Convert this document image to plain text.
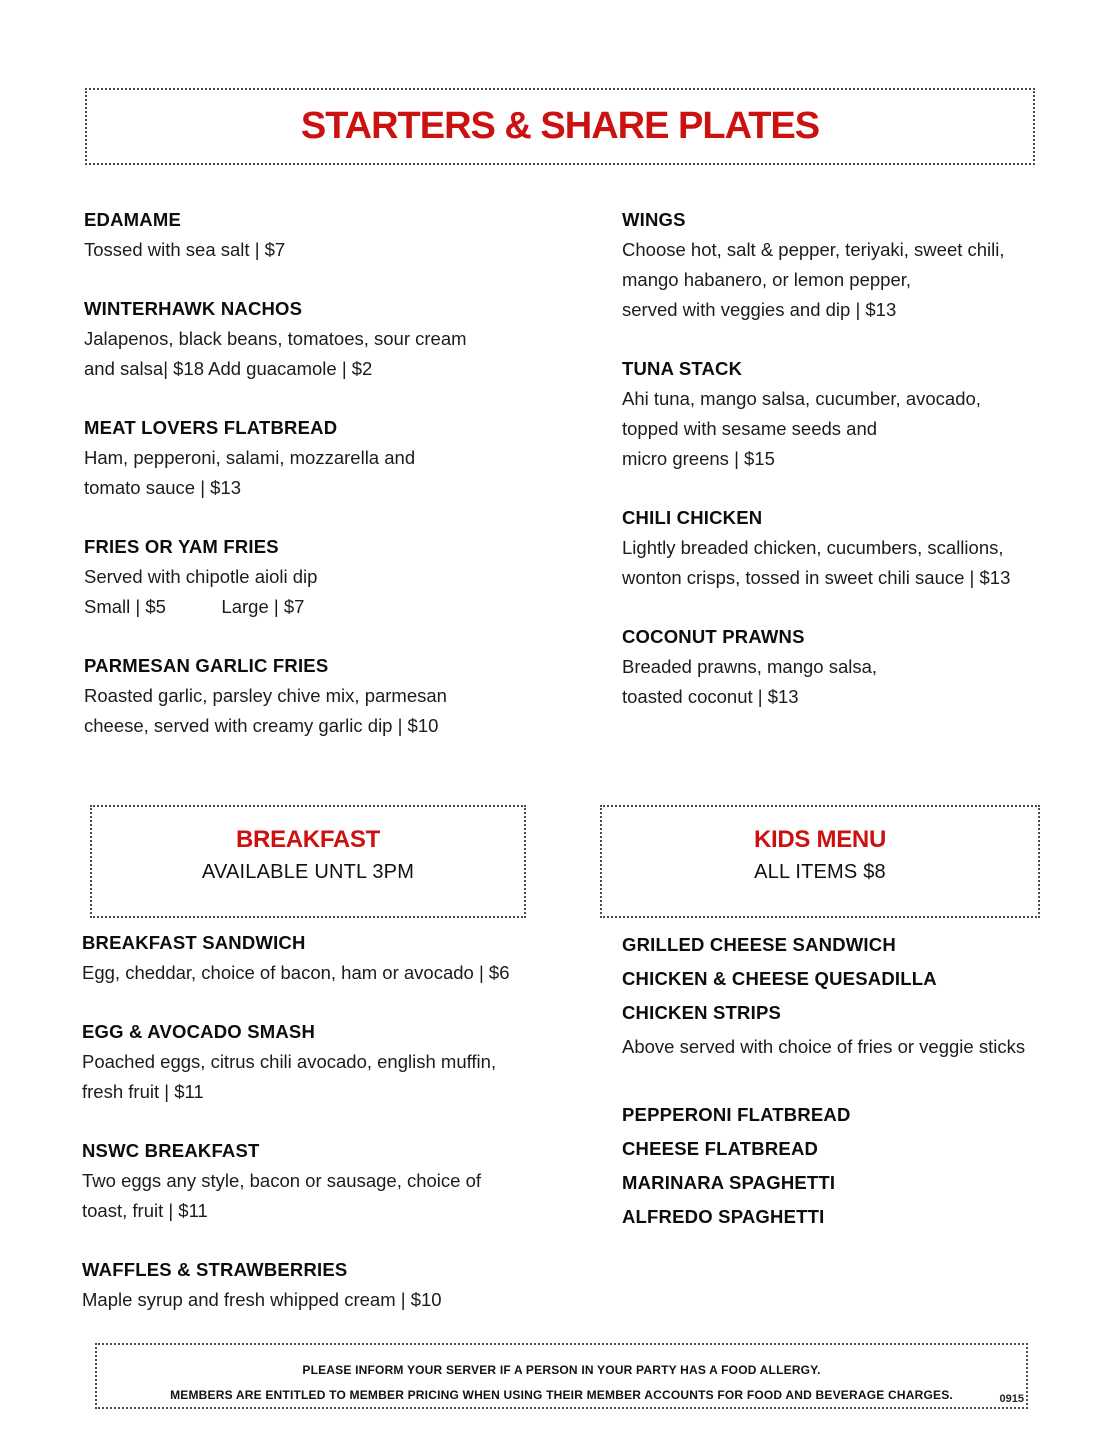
STARTERS & SHARE PLATES
EDAMAME
Tossed with sea salt | $7
WINTERHAWK NACHOS
Jalapenos, black beans, tomatoes, sour cream
and salsa| $18 Add guacamole | $2
MEAT LOVERS FLATBREAD
Ham, pepperoni, salami, mozzarella and
tomato sauce | $13
FRIES OR YAM FRIES
Served with chipotle aioli dip
Small | $5   Large | $7
PARMESAN GARLIC FRIES
Roasted garlic, parsley chive mix, parmesan
cheese, served with creamy garlic dip | $10
WINGS
Choose hot, salt & pepper, teriyaki, sweet chili,
mango habanero, or lemon pepper,
served with veggies and dip | $13
TUNA STACK
Ahi tuna, mango salsa, cucumber, avocado,
topped with sesame seeds and
micro greens | $15
CHILI CHICKEN
Lightly breaded chicken, cucumbers, scallions,
wonton crisps, tossed in sweet chili sauce | $13
COCONUT PRAWNS
Breaded prawns, mango salsa,
toasted coconut | $13
BREAKFAST
AVAILABLE UNTL 3PM
KIDS MENU
ALL ITEMS $8
BREAKFAST SANDWICH
Egg, cheddar, choice of bacon, ham or avocado | $6
EGG & AVOCADO SMASH
Poached eggs, citrus chili avocado, english muffin,
fresh fruit | $11
NSWC BREAKFAST
Two eggs any style, bacon or sausage, choice of
toast, fruit | $11
WAFFLES & STRAWBERRIES
Maple syrup and fresh whipped cream | $10
GRILLED CHEESE SANDWICH
CHICKEN & CHEESE QUESADILLA
CHICKEN STRIPS
Above served with choice of fries or veggie sticks
PEPPERONI FLATBREAD
CHEESE FLATBREAD
MARINARA SPAGHETTI
ALFREDO SPAGHETTI
PLEASE INFORM YOUR SERVER IF A PERSON IN YOUR PARTY HAS A FOOD ALLERGY.
MEMBERS ARE ENTITLED TO MEMBER PRICING WHEN USING THEIR MEMBER ACCOUNTS FOR FOOD AND BEVERAGE CHARGES.	0915
